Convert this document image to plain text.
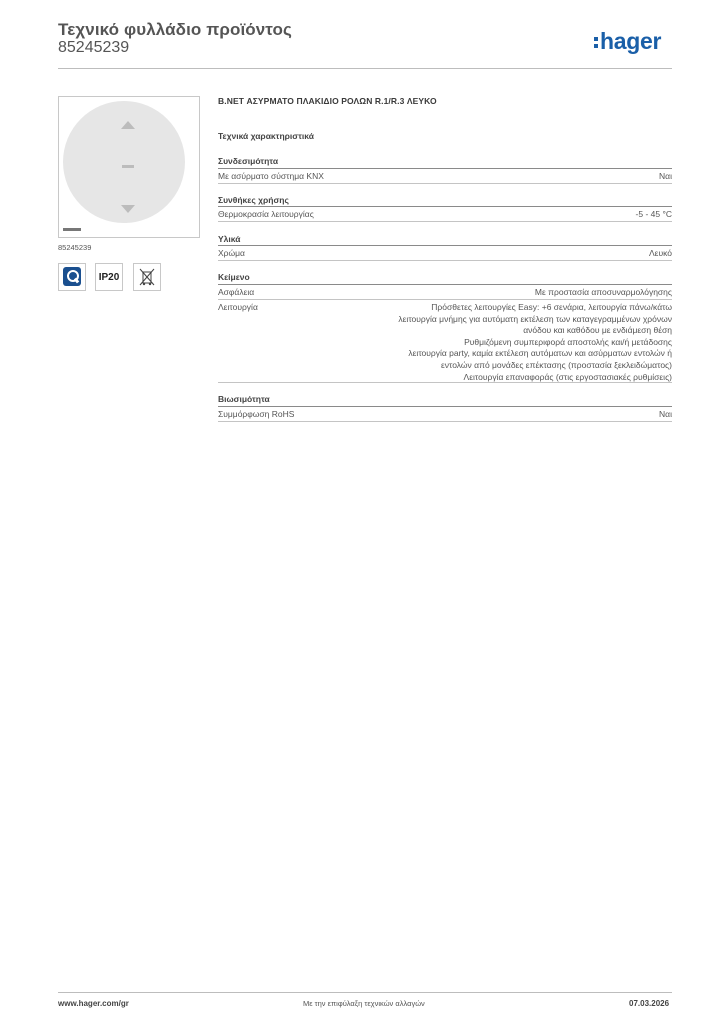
Τεχνικό φυλλάδιο προϊόντος
85245239	hager
85245239
IP20
B.NET ΑΣΥΡΜΑΤΟ ΠΛΑΚΙΔΙΟ ΡΟΛΩΝ R.1/R.3 ΛΕΥΚΟ
Τεχνικά χαρακτηριστικά
Συνδεσιμότητα
Με ασύρματο σύστημα KNX	Ναι
Συνθήκες χρήσης
Θερμοκρασία λειτουργίας	-5 - 45 °C
Υλικά
Χρώμα	Λευκό
Κείμενο
Ασφάλεια	Με προστασία αποσυναρμολόγησης
Λειτουργία	Πρόσθετες λειτουργίες Easy: +6 σενάρια, λειτουργία πάνω/κάτω
λειτουργία μνήμης για αυτόματη εκτέλεση των καταγεγραμμένων χρόνων
ανόδου και καθόδου με ενδιάμεση θέση
Ρυθμιζόμενη συμπεριφορά αποστολής και/ή μετάδοσης
λειτουργία party, καμία εκτέλεση αυτόματων και ασύρματων εντολών ή
εντολών από μονάδες επέκτασης (προστασία ξεκλειδώματος)
Λειτουργία επαναφοράς (στις εργοστασιακές ρυθμίσεις)
Βιωσιμότητα
Συμμόρφωση RoHS	Ναι
www.hager.com/gr	Με την επιφύλαξη τεχνικών αλλαγών	07.03.2026
